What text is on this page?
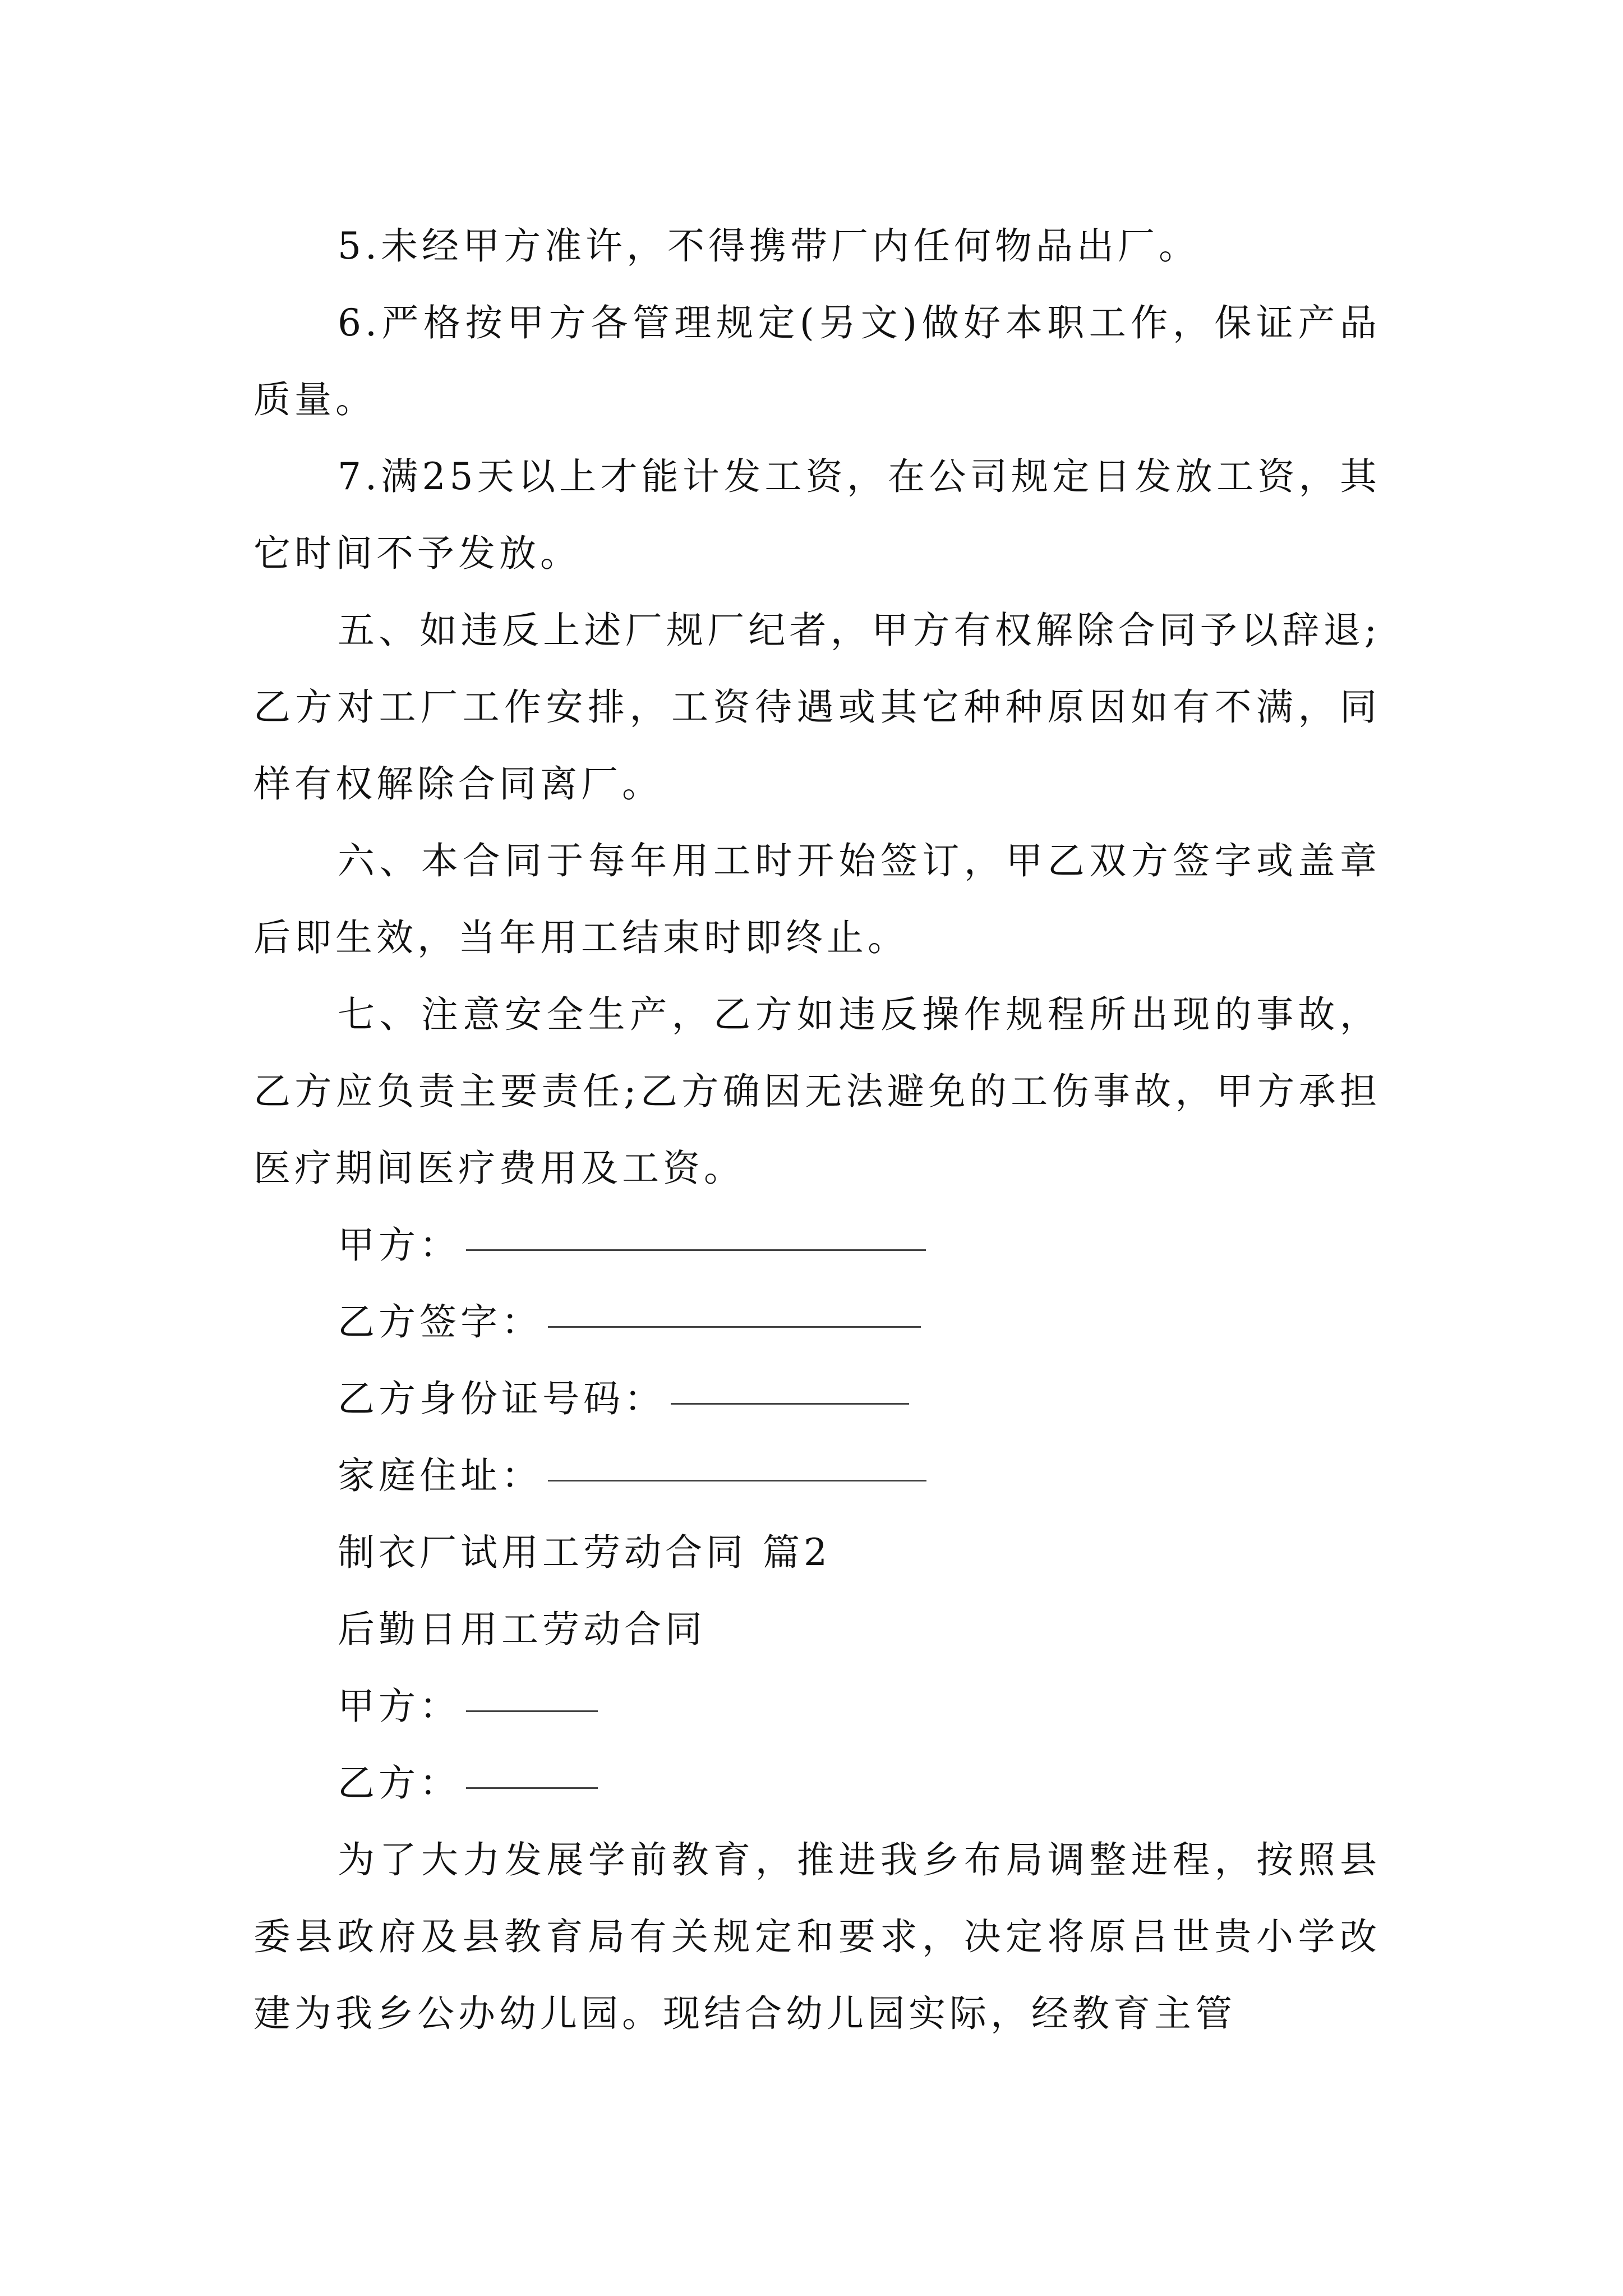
5.未经甲方准许，不得携带厂内任何物品出厂。

6.严格按甲方各管理规定(另文)做好本职工作，保证产品质量。

7.满25天以上才能计发工资，在公司规定日发放工资，其它时间不予发放。

五、如违反上述厂规厂纪者，甲方有权解除合同予以辞退;乙方对工厂工作安排，工资待遇或其它种种原因如有不满，同样有权解除合同离厂。

六、本合同于每年用工时开始签订，甲乙双方签字或盖章后即生效，当年用工结束时即终止。

七、注意安全生产，乙方如违反操作规程所出现的事故，乙方应负责主要责任;乙方确因无法避免的工伤事故，甲方承担医疗期间医疗费用及工资。

甲方：
乙方签字：
乙方身份证号码：
家庭住址：

制衣厂试用工劳动合同 篇2

后勤日用工劳动合同

甲方：
乙方：

为了大力发展学前教育，推进我乡布局调整进程，按照县委县政府及县教育局有关规定和要求，决定将原吕世贵小学改建为我乡公办幼儿园。现结合幼儿园实际，经教育主管
